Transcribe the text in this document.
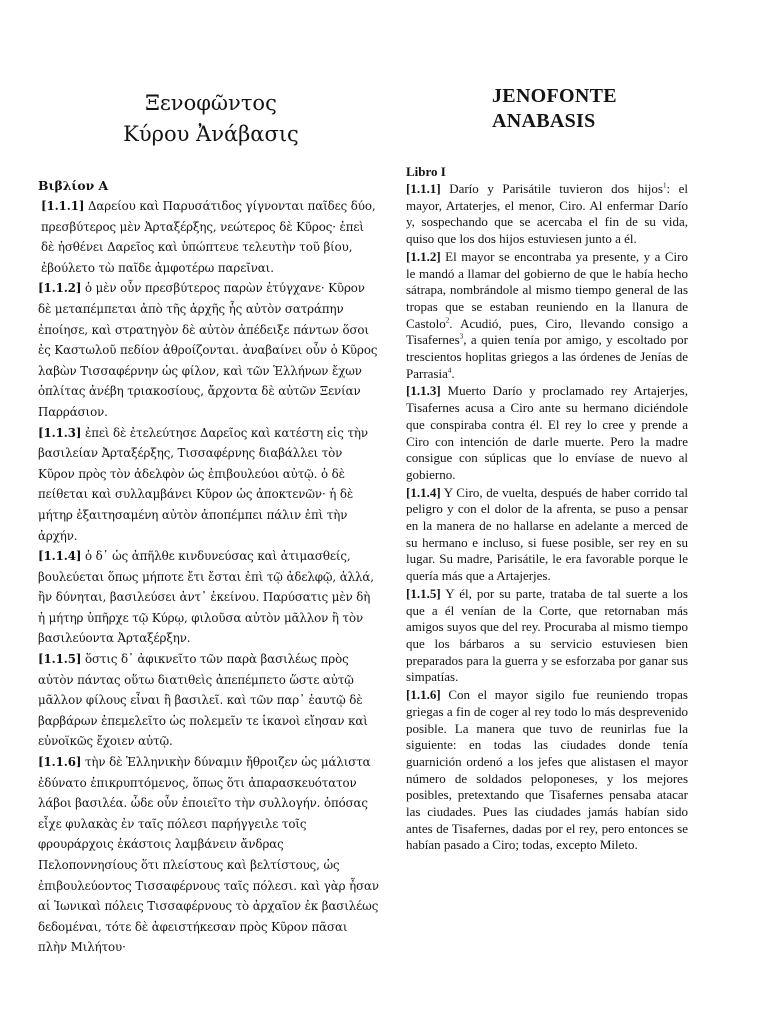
Ξενοφῶντος
Κύρου Ἀνάβασις

Βιβλίον A

[1.1.1] Δαρείου καὶ Παρυσάτιδος γίγνονται παῖδες δύο, πρεσβύτερος μὲν Ἀρταξέρξης, νεώτερος δὲ Κῦρος· ἐπεὶ δὲ ἠσθένει Δαρεῖος καὶ ὑπώπτευε τελευτὴν τοῦ βίου, ἐβούλετο τὼ παῖδε ἀμφοτέρω παρεῖναι.

[1.1.2] ὁ μὲν οὖν πρεσβύτερος παρὼν ἐτύγχανε· Κῦρον δὲ μεταπέμπεται ἀπὸ τῆς ἀρχῆς ἧς αὐτὸν σατράπην ἐποίησε, καὶ στρατηγὸν δὲ αὐτὸν ἀπέδειξε πάντων ὅσοι ἐς Καστωλοῦ πεδίον ἁθροίζονται. ἀναβαίνει οὖν ὁ Κῦρος λαβὼν Τισσαφέρνην ὡς φίλον, καὶ τῶν Ἑλλήνων ἔχων ὁπλίτας ἀνέβη τριακοσίους, ἄρχοντα δὲ αὐτῶν Ξενίαν Παρράσιον.

[1.1.3] ἐπεὶ δὲ ἐτελεύτησε Δαρεῖος καὶ κατέστη εἰς τὴν βασιλείαν Ἀρταξέρξης, Τισσαφέρνης διαβάλλει τὸν Κῦρον πρὸς τὸν ἀδελφὸν ὡς ἐπιβουλεύοι αὐτῷ. ὁ δὲ πείθεται καὶ συλλαμβάνει Κῦρον ὡς ἀποκτενῶν· ἡ δὲ μήτηρ ἐξαιτησαμένη αὐτὸν ἀποπέμπει πάλιν ἐπὶ τὴν ἀρχήν.

[1.1.4] ὁ δ᾽ ὡς ἀπῆλθε κινδυνεύσας καὶ ἀτιμασθείς, βουλεύεται ὅπως μήποτε ἔτι ἔσται ἐπὶ τῷ ἀδελφῷ, ἀλλά, ἢν δύνηται, βασιλεύσει ἀντ᾽ ἐκείνου. Παρύσατις μὲν δὴ ἡ μήτηρ ὑπῆρχε τῷ Κύρῳ, φιλοῦσα αὐτὸν μᾶλλον ἢ τὸν βασιλεύοντα Ἀρταξέρξην.

[1.1.5] ὅστις δ᾽ ἀφικνεῖτο τῶν παρὰ βασιλέως πρὸς αὐτὸν πάντας οὕτω διατιθεὶς ἀπεπέμπετο ὥστε αὐτῷ μᾶλλον φίλους εἶναι ἢ βασιλεῖ. καὶ τῶν παρ᾽ ἑαυτῷ δὲ βαρβάρων ἐπεμελεῖτο ὡς πολεμεῖν τε ἱκανοὶ εἴησαν καὶ εὐνοϊκῶς ἔχοιεν αὐτῷ.

[1.1.6] τὴν δὲ Ἑλληνικὴν δύναμιν ἤθροιζεν ὡς μάλιστα ἐδύνατο ἐπικρυπτόμενος, ὅπως ὅτι ἀπαρασκευότατον λάβοι βασιλέα. ὧδε οὖν ἐποιεῖτο τὴν συλλογήν. ὁπόσας εἶχε φυλακὰς ἐν ταῖς πόλεσι παρήγγειλε τοῖς φρουράρχοις ἑκάστοις λαμβάνειν ἄνδρας Πελοποννησίους ὅτι πλείστους καὶ βελτίστους, ὡς ἐπιβουλεύοντος Τισσαφέρνους ταῖς πόλεσι. καὶ γὰρ ἦσαν αἱ Ἰωνικαὶ πόλεις Τισσαφέρνους τὸ ἀρχαῖον ἐκ βασιλέως δεδομέναι, τότε δὲ ἀφειστήκεσαν πρὸς Κῦρον πᾶσαι πλὴν Μιλήτου·

JENOFONTE
ANABASIS

Libro I

[1.1.1] Darío y Parisátile tuvieron dos hijos$^1$: el mayor, Artaterjes, el menor, Ciro. Al enfermar Darío y, sospechando que se acercaba el fin de su vida, quiso que los dos hijos estuviesen junto a él.

[1.1.2] El mayor se encontraba ya presente, y a Ciro le mandó a llamar del gobierno de que le había hecho sátrapa, nombrándole al mismo tiempo general de las tropas que se estaban reuniendo en la llanura de Castolo$^2$. Acudió, pues, Ciro, llevando consigo a Tisafernes$^3$, a quien tenía por amigo, y escoltado por trescientos hoplitas griegos a las órdenes de Jenías de Parrasia$^4$.

[1.1.3] Muerto Darío y proclamado rey Artajerjes, Tisafernes acusa a Ciro ante su hermano diciéndole que conspiraba contra él. El rey lo cree y prende a Ciro con intención de darle muerte. Pero la madre consigue con súplicas que lo envíase de nuevo al gobierno.

[1.1.4] Y Ciro, de vuelta, después de haber corrido tal peligro y con el dolor de la afrenta, se puso a pensar en la manera de no hallarse en adelante a merced de su hermano e incluso, si fuese posible, ser rey en su lugar. Su madre, Parisátile, le era favorable porque le quería más que a Artajerjes.

[1.1.5] Y él, por su parte, trataba de tal suerte a los que a él venían de la Corte, que retornaban más amigos suyos que del rey. Procuraba al mismo tiempo que los bárbaros a su servicio estuviesen bien preparados para la guerra y se esforzaba por ganar sus simpatías.

[1.1.6] Con el mayor sigilo fue reuniendo tropas griegas a fin de coger al rey todo lo más desprevenido posible. La manera que tuvo de reunirlas fue la siguiente: en todas las ciudades donde tenía guarnición ordenó a los jefes que alistasen el mayor número de soldados peloponeses, y los mejores posibles, pretextando que Tisafernes pensaba atacar las ciudades. Pues las ciudades jamás habían sido antes de Tisafernes, dadas por el rey, pero entonces se habían pasado a Ciro; todas, excepto Mileto.
